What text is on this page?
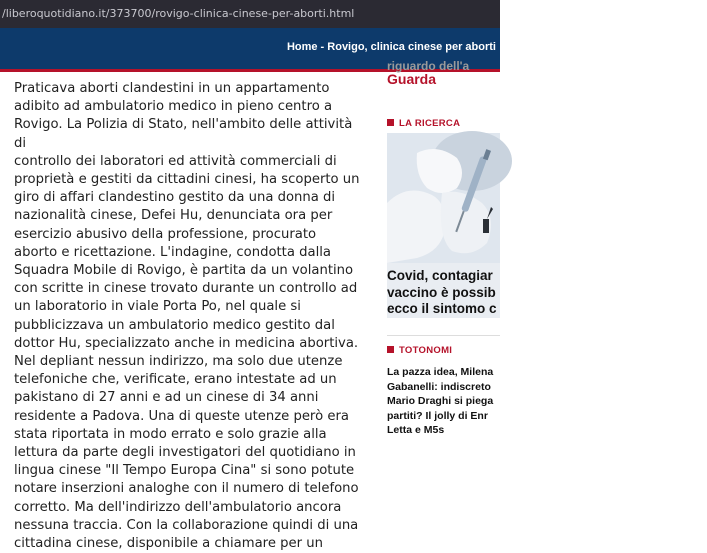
/liberoquotidiano.it/373700/rovigo-clinica-cinese-per-aborti.html
Home - Rovigo, clinica cinese per aborti
Praticava aborti clandestini in un appartamento
adibito ad ambulatorio medico in pieno centro a
Rovigo. La Polizia di Stato, nell'ambito delle attività di
controllo dei laboratori ed attività commerciali di
proprietà e gestiti da cittadini cinesi, ha scoperto un
giro di affari clandestino gestito da una donna di
nazionalità cinese, Defei Hu, denunciata ora per
esercizio abusivo della professione, procurato
aborto e ricettazione. L'indagine, condotta dalla
Squadra Mobile di Rovigo, è partita da un volantino
con scritte in cinese trovato durante un controllo ad
un laboratorio in viale Porta Po, nel quale si
pubblicizzava un ambulatorio medico gestito dal
dottor Hu, specializzato anche in medicina abortiva.
Nel depliant nessun indirizzo, ma solo due utenze
telefoniche che, verificate, erano intestate ad un
pakistano di 27 anni e ad un cinese di 34 anni
residente a Padova. Una di queste utenze però era
stata riportata in modo errato e solo grazie alla
lettura da parte degli investigatori del quotidiano in
lingua cinese "Il Tempo Europa Cina" si sono potute
notare inserzioni analoghe con il numero di telefono
corretto. Ma dell'indirizzo dell'ambulatorio ancora
nessuna traccia. Con la collaborazione quindi di una
cittadina cinese, disponibile a chiamare per un
riguardo dell'a
Guarda
LA RICERCA
Covid, contagiar
vaccino è possib
ecco il sintomo c
TOTONOMI
La pazza idea, Milena
Gabanelli: indiscreto
Mario Draghi si piega
partiti? Il jolly di Enr
Letta e M5s
